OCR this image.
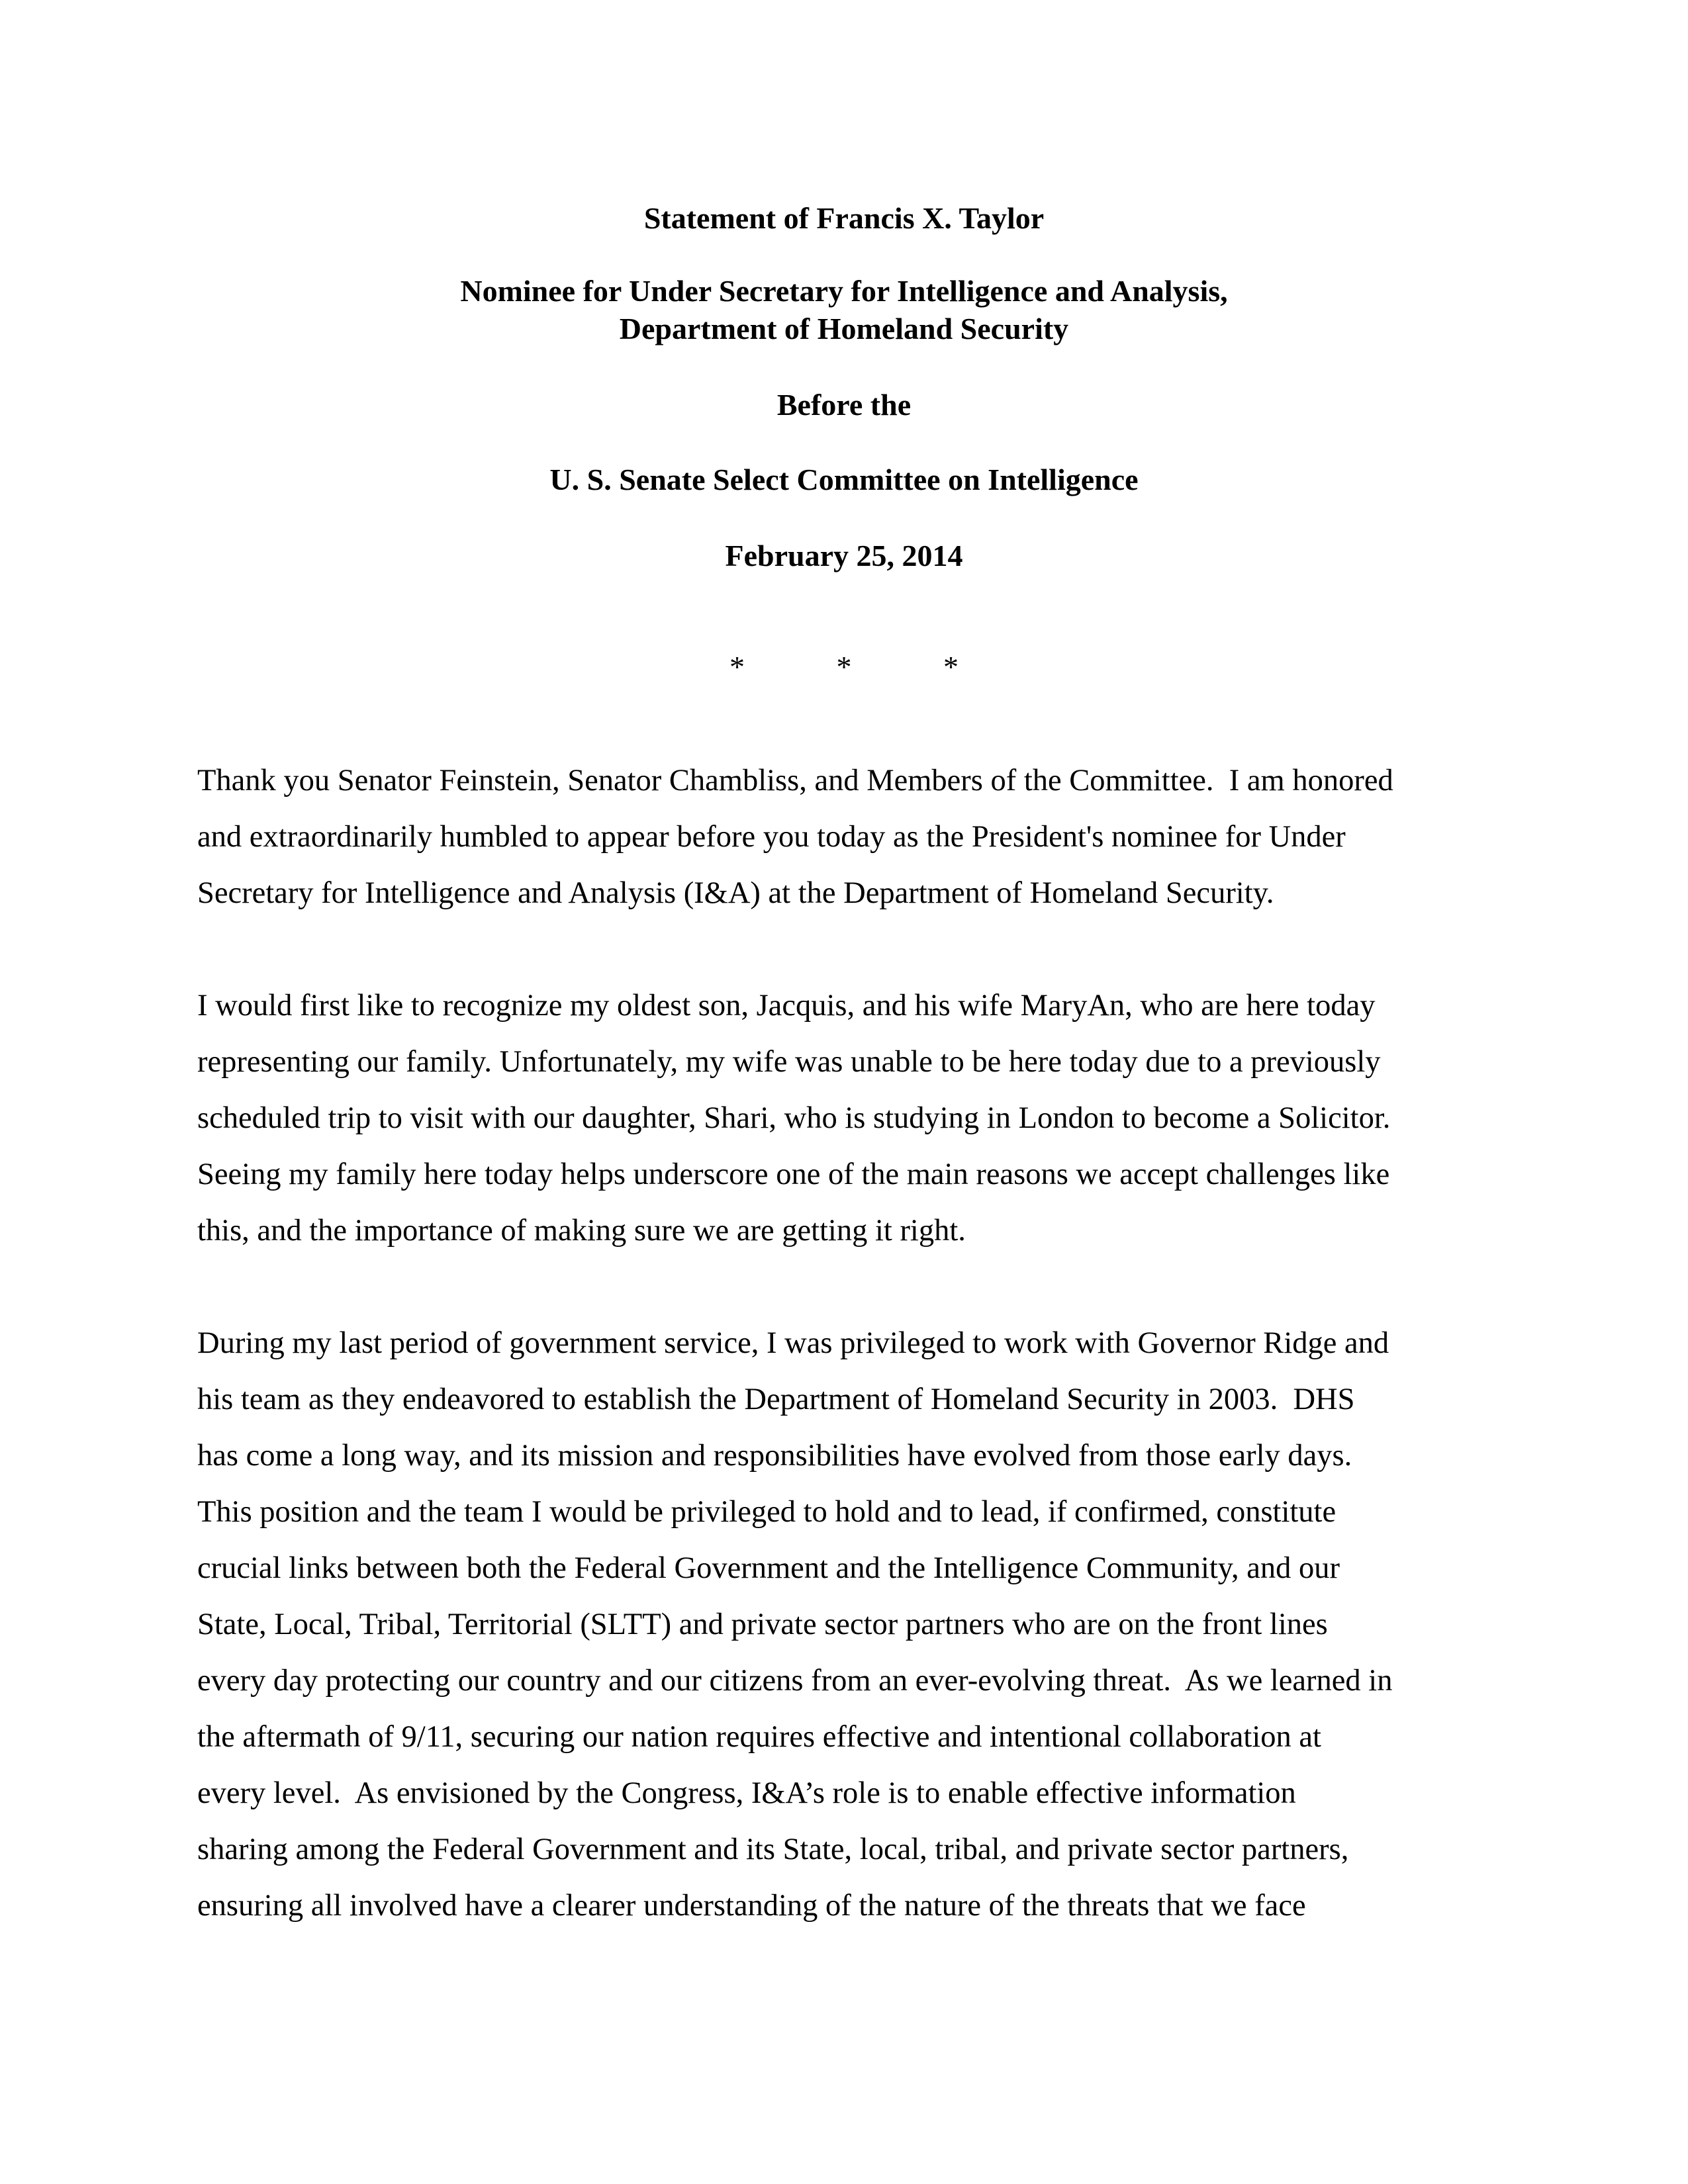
Statement of Francis X. Taylor
Nominee for Under Secretary for Intelligence and Analysis,
Department of Homeland Security
Before the
U. S. Senate Select Committee on Intelligence
February 25, 2014
*	*	*
Thank you Senator Feinstein, Senator Chambliss, and Members of the Committee.  I am honored
and extraordinarily humbled to appear before you today as the President's nominee for Under
Secretary for Intelligence and Analysis (I&A) at the Department of Homeland Security.
I would first like to recognize my oldest son, Jacquis, and his wife MaryAn, who are here today
representing our family. Unfortunately, my wife was unable to be here today due to a previously
scheduled trip to visit with our daughter, Shari, who is studying in London to become a Solicitor.
Seeing my family here today helps underscore one of the main reasons we accept challenges like
this, and the importance of making sure we are getting it right.
During my last period of government service, I was privileged to work with Governor Ridge and
his team as they endeavored to establish the Department of Homeland Security in 2003.  DHS
has come a long way, and its mission and responsibilities have evolved from those early days.
This position and the team I would be privileged to hold and to lead, if confirmed, constitute
crucial links between both the Federal Government and the Intelligence Community, and our
State, Local, Tribal, Territorial (SLTT) and private sector partners who are on the front lines
every day protecting our country and our citizens from an ever-evolving threat.  As we learned in
the aftermath of 9/11, securing our nation requires effective and intentional collaboration at
every level.  As envisioned by the Congress, I&A’s role is to enable effective information
sharing among the Federal Government and its State, local, tribal, and private sector partners,
ensuring all involved have a clearer understanding of the nature of the threats that we face
